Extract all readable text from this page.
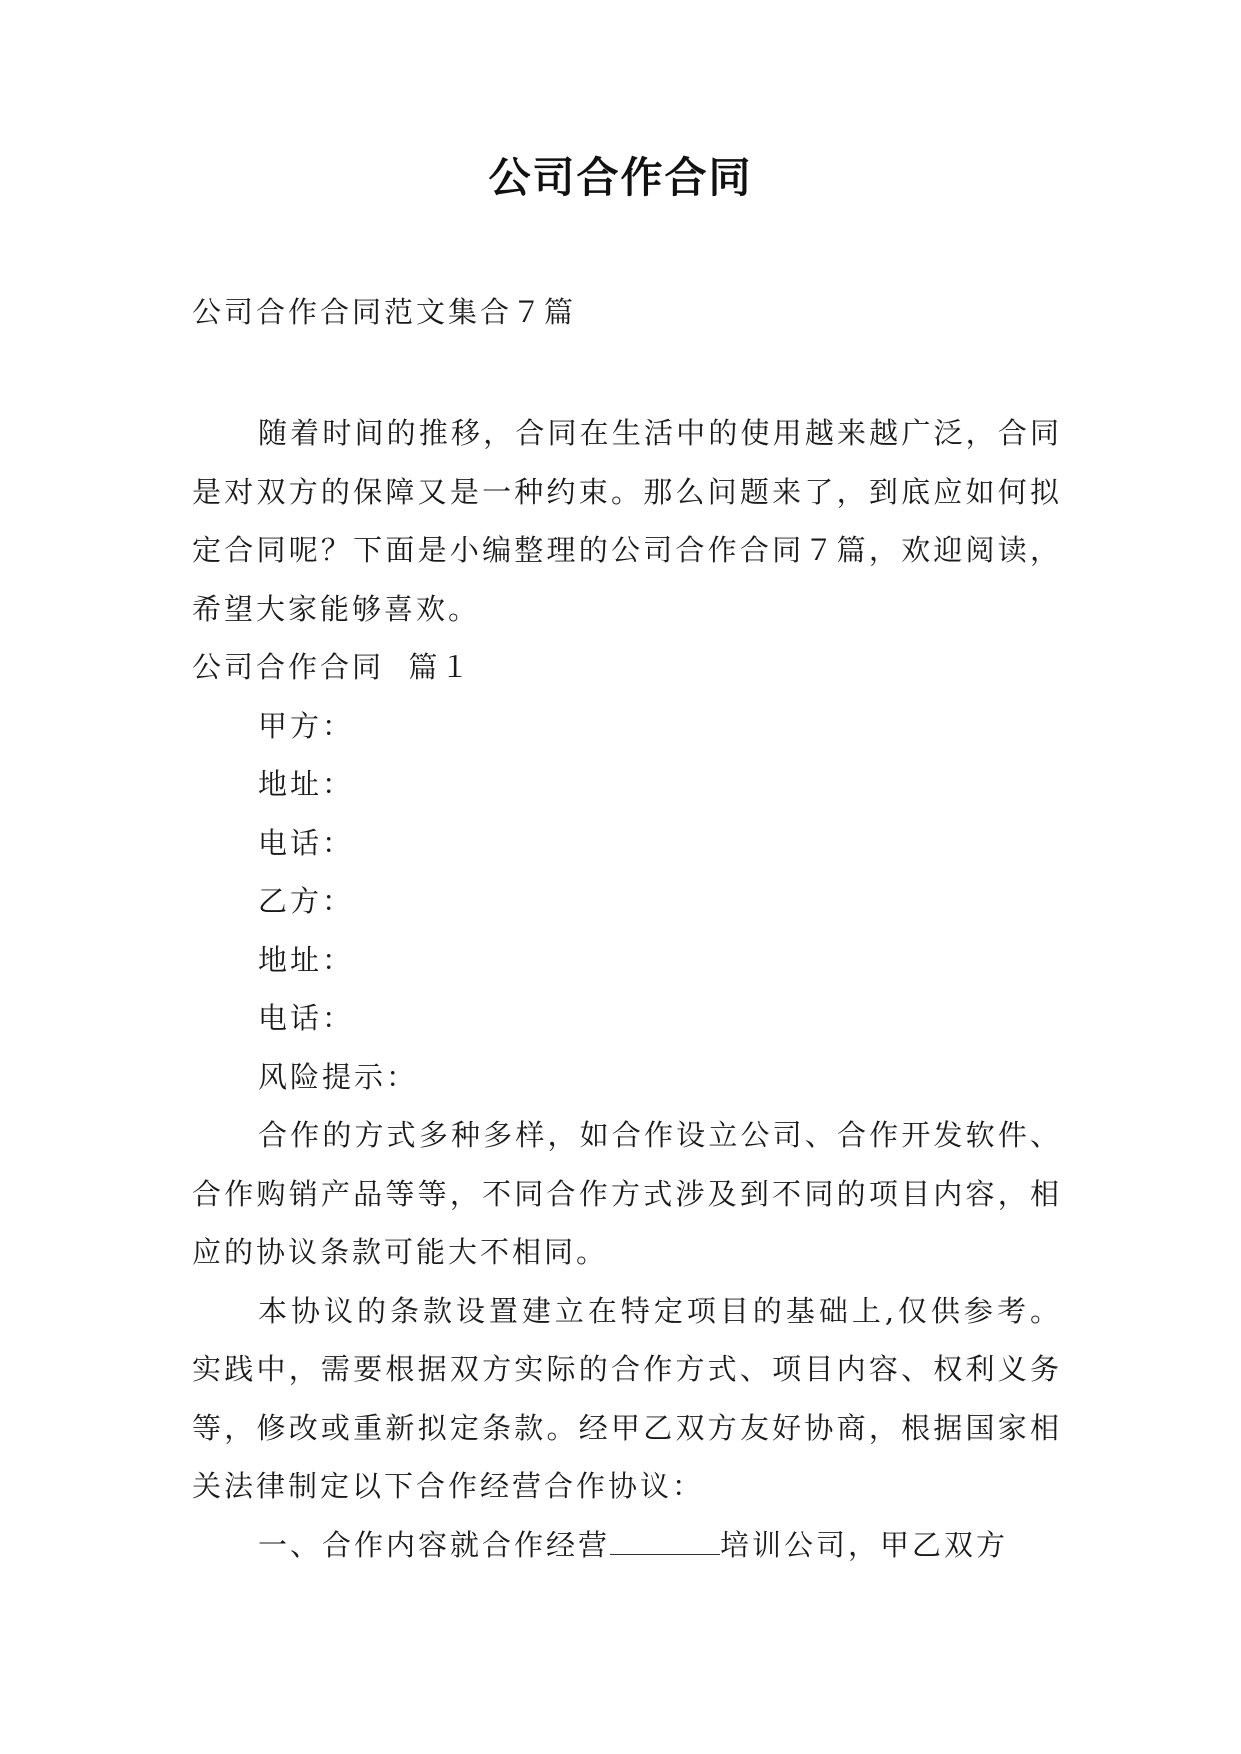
公司合作合同
公司合作合同范文集合７篇

随着时间的推移，合同在生活中的使用越来越广泛，合同是对双方的保障又是一种约束。那么问题来了，到底应如何拟定合同呢？下面是小编整理的公司合作合同７篇，欢迎阅读，希望大家能够喜欢。

公司合作合同  篇１

甲方：

地址：

电话：

乙方：

地址：

电话：

风险提示：

合作的方式多种多样，如合作设立公司、合作开发软件、合作购销产品等等，不同合作方式涉及到不同的项目内容，相应的协议条款可能大不相同。

本协议的条款设置建立在特定项目的基础上,仅供参考。实践中，需要根据双方实际的合作方式、项目内容、权利义务等，修改或重新拟定条款。经甲乙双方友好协商，根据国家相关法律制定以下合作经营合作协议：

一、合作内容就合作经营	培训公司，甲乙双方
